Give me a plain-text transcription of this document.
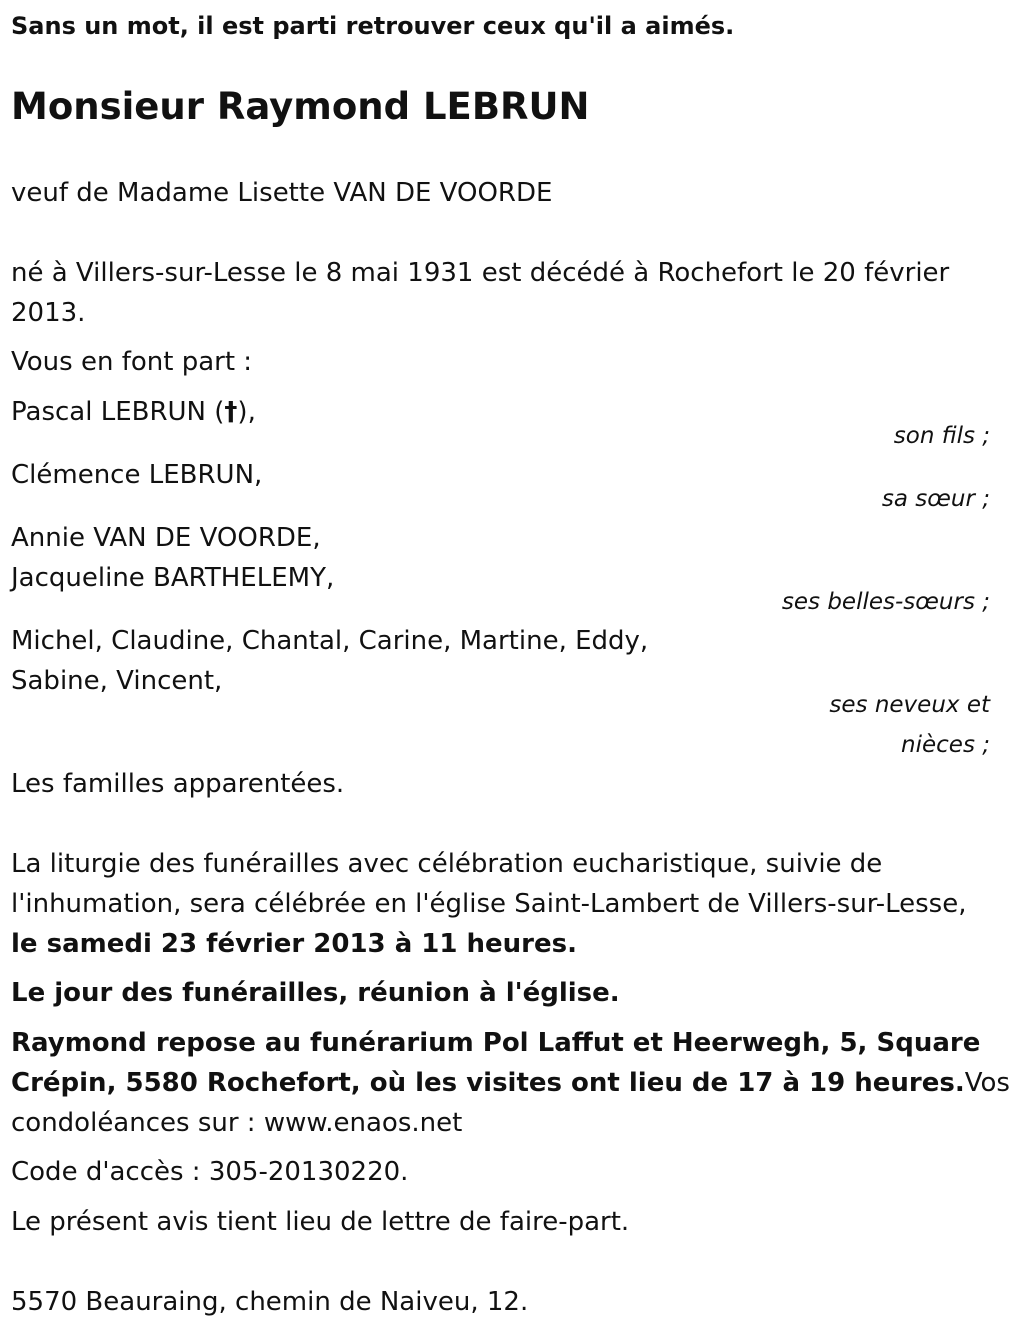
Sans un mot, il est parti retrouver ceux qu'il a aimés.
Monsieur Raymond LEBRUN
veuf de Madame Lisette VAN DE VOORDE
né à Villers-sur-Lesse le 8 mai 1931 est décédé à Rochefort le 20 février
2013.
Vous en font part :
Pascal LEBRUN (†),
son fils ;
Clémence LEBRUN,
sa sœur ;
Annie VAN DE VOORDE,
Jacqueline BARTHELEMY,
ses belles-sœurs ;
Michel, Claudine, Chantal, Carine, Martine, Eddy,
Sabine, Vincent,
ses neveux et
nièces ;
Les familles apparentées.
La liturgie des funérailles avec célébration eucharistique, suivie de
l'inhumation, sera célébrée en l'église Saint-Lambert de Villers-sur-Lesse,
le samedi 23 février 2013 à 11 heures.
Le jour des funérailles, réunion à l'église.
Raymond repose au funérarium Pol Laffut et Heerwegh, 5, Square
Crépin, 5580 Rochefort, où les visites ont lieu de 17 à 19 heures.Vos
condoléances sur : www.enaos.net
Code d'accès : 305-20130220.
Le présent avis tient lieu de lettre de faire-part.
5570 Beauraing, chemin de Naiveu, 12.
